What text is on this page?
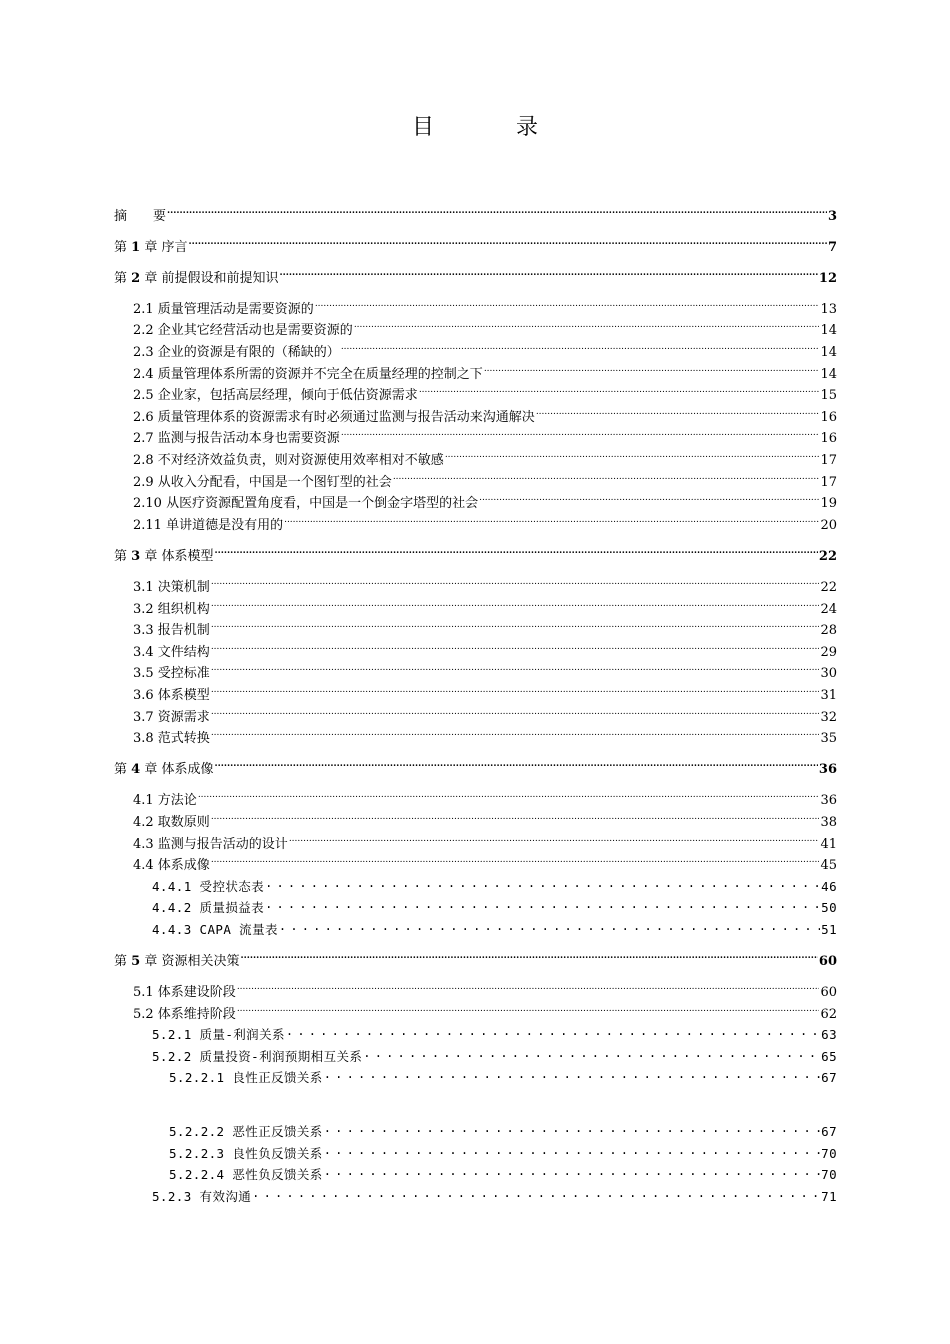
目　录
摘　　要 .....	3
第 1 章 序言 .....	7
第 2 章 前提假设和前提知识 .....	12
2.1 质量管理活动是需要资源的 .....	13
2.2 企业其它经营活动也是需要资源的 .....	14
2.3 企业的资源是有限的（稀缺的） .....	14
2.4 质量管理体系所需的资源并不完全在质量经理的控制之下 .....	14
2.5 企业家，包括高层经理，倾向于低估资源需求 .....	15
2.6 质量管理体系的资源需求有时必须通过监测与报告活动来沟通解决 .....	16
2.7 监测与报告活动本身也需要资源 .....	16
2.8 不对经济效益负责，则对资源使用效率相对不敏感 .....	17
2.9 从收入分配看，中国是一个图钉型的社会 .....	17
2.10 从医疗资源配置角度看，中国是一个倒金字塔型的社会 .....	19
2.11 单讲道德是没有用的 .....	20
第 3 章 体系模型 .....	22
3.1 决策机制 .....	22
3.2 组织机构 .....	24
3.3 报告机制 .....	28
3.4 文件结构 .....	29
3.5 受控标准 .....	30
3.6 体系模型 .....	31
3.7 资源需求 .....	32
3.8 范式转换 .....	35
第 4 章 体系成像 .....	36
4.1 方法论 .....	36
4.2 取数原则 .....	38
4.3 监测与报告活动的设计 .....	41
4.4 体系成像 .....	45
4.4.1 受控状态表 .....	46
4.4.2 质量损益表 .....	50
4.4.3 CAPA 流量表 .....	51
第 5 章 资源相关决策 .....	60
5.1 体系建设阶段 .....	60
5.2 体系维持阶段 .....	62
5.2.1 质量-利润关系 .....	63
5.2.2 质量投资-利润预期相互关系 .....	65
5.2.2.1 良性正反馈关系 .....	67
5.2.2.2 恶性正反馈关系 .....	67
5.2.2.3 良性负反馈关系 .....	70
5.2.2.4 恶性负反馈关系 .....	70
5.2.3 有效沟通 .....	71
